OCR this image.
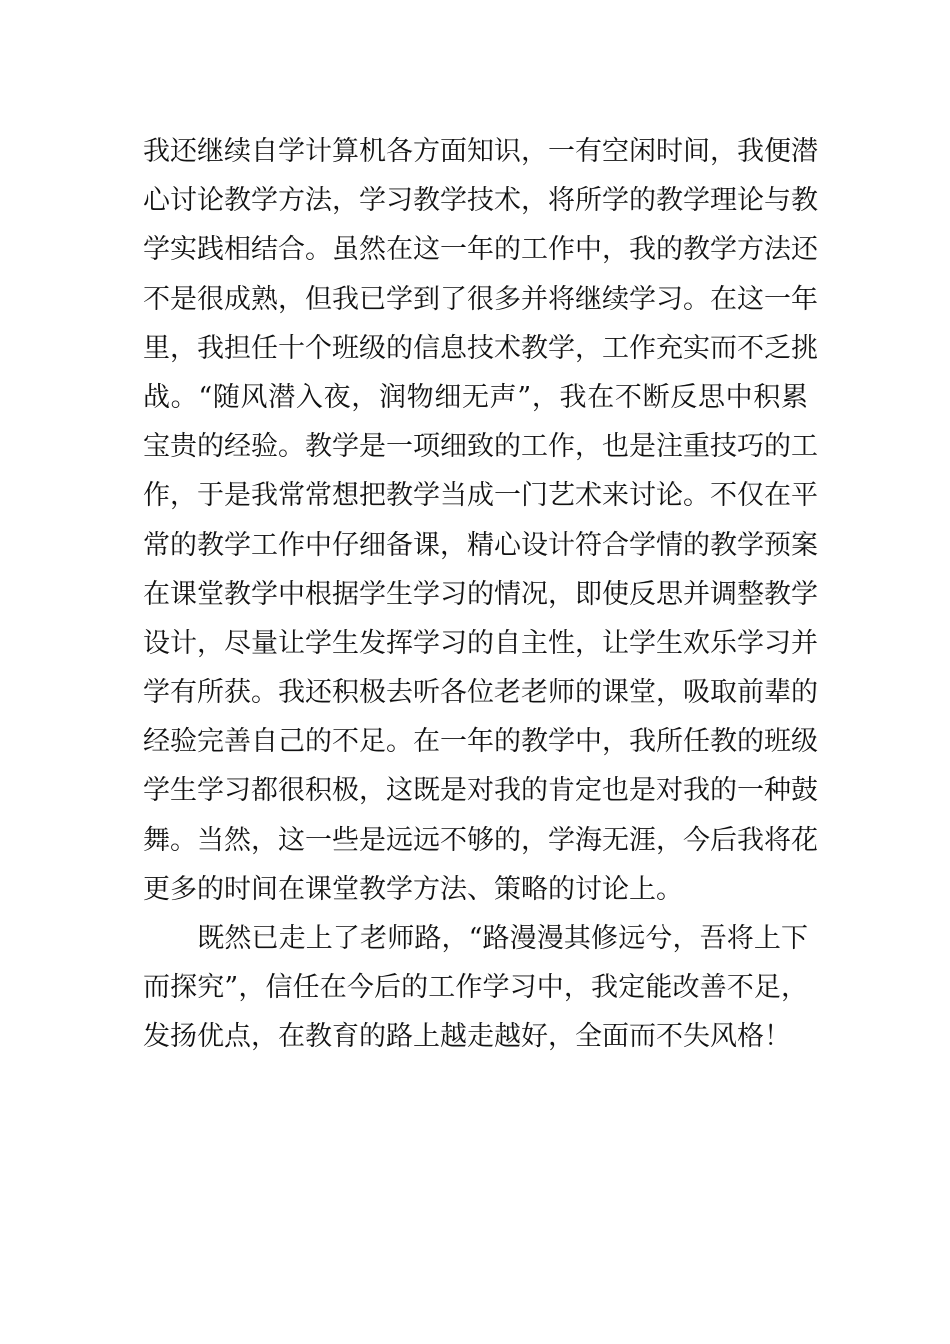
我还继续自学计算机各方面知识，一有空闲时间，我便潜
心讨论教学方法，学习教学技术，将所学的教学理论与教
学实践相结合。虽然在这一年的工作中，我的教学方法还
不是很成熟，但我已学到了很多并将继续学习。在这一年
里，我担任十个班级的信息技术教学，工作充实而不乏挑
战。“随风潜入夜，润物细无声”，我在不断反思中积累
宝贵的经验。教学是一项细致的工作，也是注重技巧的工
作，于是我常常想把教学当成一门艺术来讨论。不仅在平
常的教学工作中仔细备课，精心设计符合学情的教学预案
在课堂教学中根据学生学习的情况，即使反思并调整教学
设计，尽量让学生发挥学习的自主性，让学生欢乐学习并
学有所获。我还积极去听各位老老师的课堂，吸取前辈的
经验完善自己的不足。在一年的教学中，我所任教的班级
学生学习都很积极，这既是对我的肯定也是对我的一种鼓
舞。当然，这一些是远远不够的，学海无涯，今后我将花
更多的时间在课堂教学方法、策略的讨论上。
　　既然已走上了老师路，“路漫漫其修远兮，吾将上下
而探究”，信任在今后的工作学习中，我定能改善不足，
发扬优点，在教育的路上越走越好，全面而不失风格！
